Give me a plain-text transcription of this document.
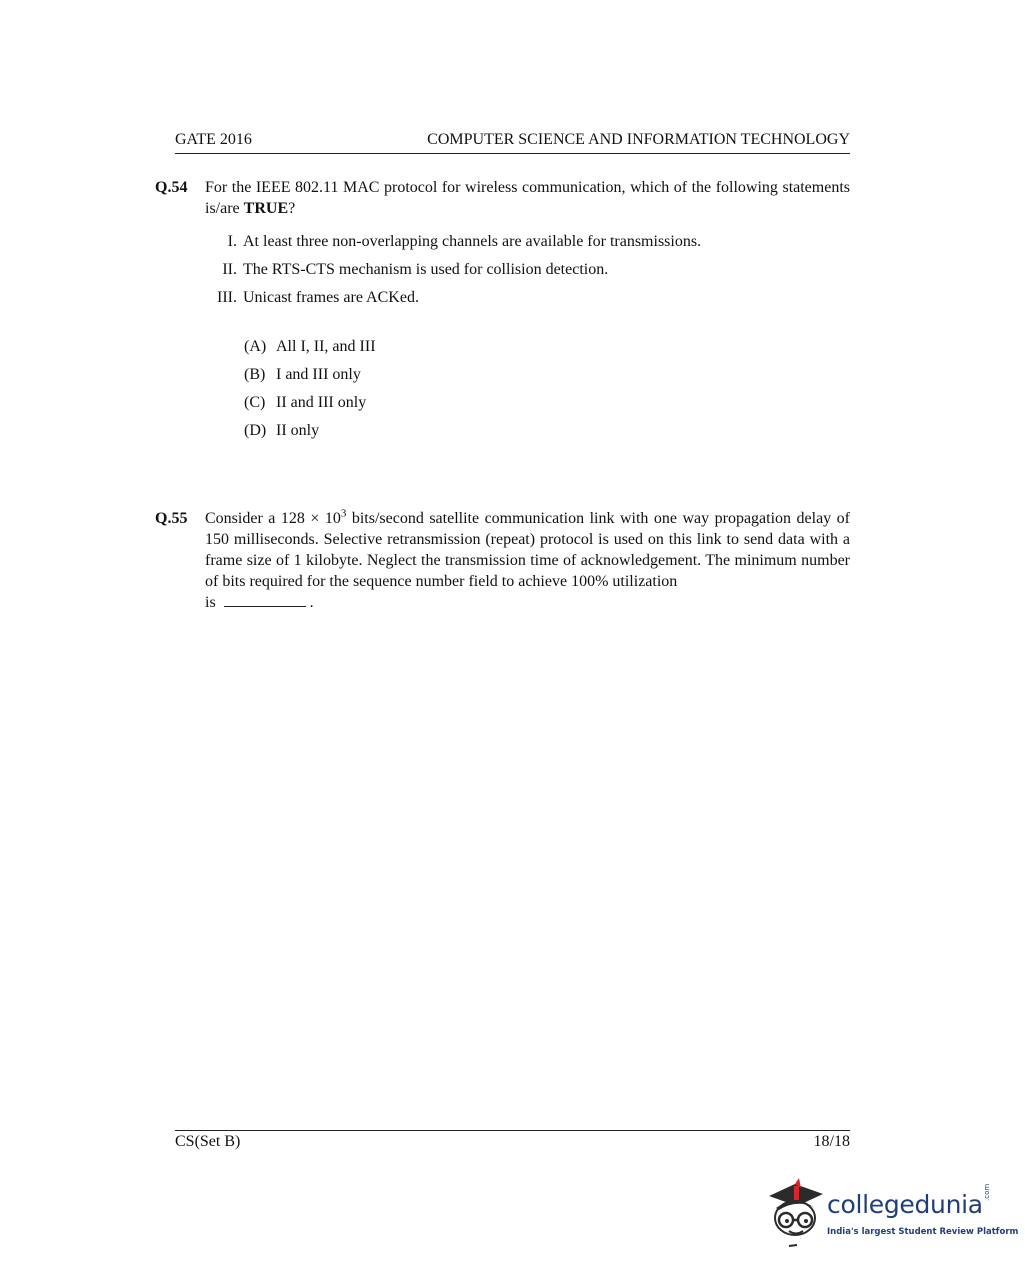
GATE 2016	COMPUTER SCIENCE AND INFORMATION TECHNOLOGY
Q.54 For the IEEE 802.11 MAC protocol for wireless communication, which of the following statements is/are TRUE?
I. At least three non-overlapping channels are available for transmissions.
II. The RTS-CTS mechanism is used for collision detection.
III. Unicast frames are ACKed.
(A) All I, II, and III
(B) I and III only
(C) II and III only
(D) II only
Q.55 Consider a $128 \times 10^3$ bits/second satellite communication link with one way propagation delay of 150 milliseconds. Selective retransmission (repeat) protocol is used on this link to send data with a frame size of 1 kilobyte. Neglect the transmission time of acknowledgement. The minimum number of bits required for the sequence number field to achieve 100% utilization
is	.
CS(Set B)	18/18
collegedunia .com
India's largest Student Review Platform
